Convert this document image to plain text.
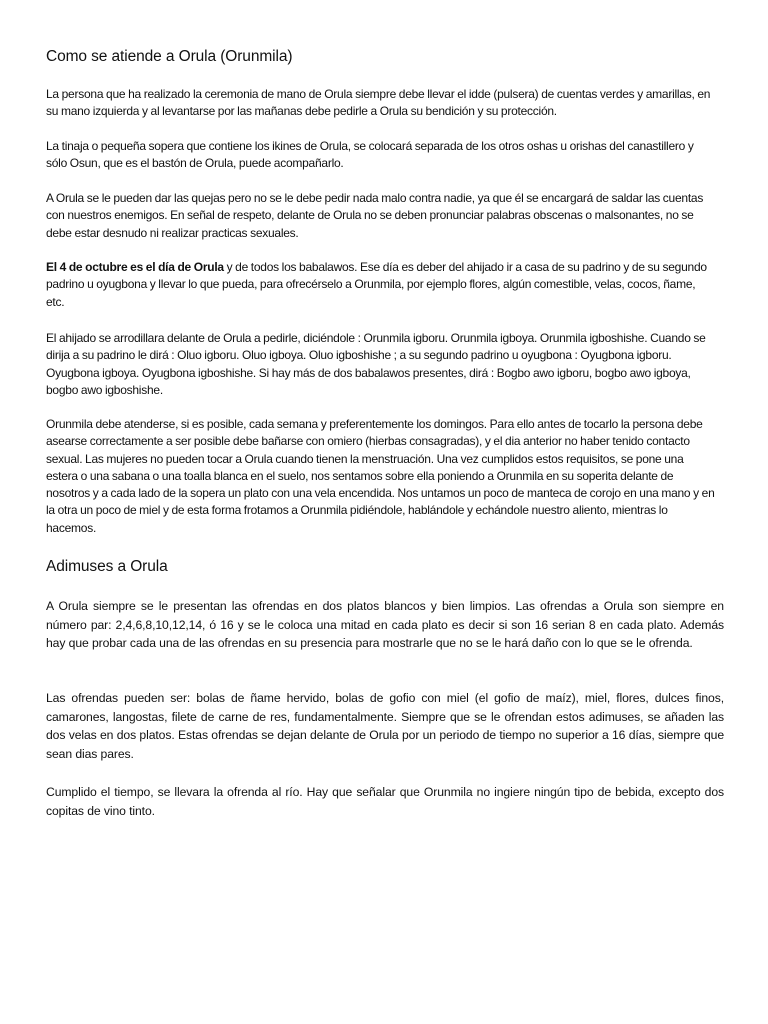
Como se atiende a Orula (Orunmila)

La persona que ha realizado la ceremonia de mano de Orula siempre debe llevar el idde (pulsera) de cuentas verdes y amarillas, en su mano izquierda y al levantarse por las mañanas debe pedirle a Orula su bendición y su protección.

La tinaja o pequeña sopera que contiene los ikines de Orula, se colocará separada de los otros oshas u orishas del canastillero y sólo Osun, que es el bastón de Orula, puede acompañarlo.

A Orula se le pueden dar las quejas pero no se le debe pedir nada malo contra nadie, ya que él se encargará de saldar las cuentas con nuestros enemigos. En señal de respeto, delante de Orula no se deben pronunciar palabras obscenas o malsonantes, no se debe estar desnudo ni realizar practicas sexuales.

El 4 de octubre es el día de Orula y de todos los babalawos. Ese día es deber del ahijado ir a casa de su padrino y de su segundo padrino u oyugbona y llevar lo que pueda, para ofrecérselo a Orunmila, por ejemplo flores, algún comestible, velas, cocos, ñame, etc.

El ahijado se arrodillara delante de Orula a pedirle, diciéndole : Orunmila igboru. Orunmila igboya. Orunmila igboshishe. Cuando se dirija a su padrino le dirá : Oluo igboru. Oluo igboya. Oluo igboshishe ; a su segundo padrino u oyugbona : Oyugbona igboru. Oyugbona igboya. Oyugbona igboshishe. Si hay más de dos babalawos presentes, dirá : Bogbo awo igboru, bogbo awo igboya, bogbo awo igboshishe.

Orunmila debe atenderse, si es posible, cada semana y preferentemente los domingos. Para ello antes de tocarlo la persona debe asearse correctamente a ser posible debe bañarse con omiero (hierbas consagradas), y el dia anterior no haber tenido contacto sexual. Las mujeres no pueden tocar a Orula cuando tienen la menstruación. Una vez cumplidos estos requisitos, se pone una estera o una sabana o una toalla blanca en el suelo, nos sentamos sobre ella poniendo a Orunmila en su soperita delante de nosotros y a cada lado de la sopera un plato con una vela encendida. Nos untamos un poco de manteca de corojo en una mano y en la otra un poco de miel y de esta forma frotamos a Orunmila pidiéndole, hablándole y echándole nuestro aliento, mientras lo hacemos.

Adimuses a Orula

A Orula siempre se le presentan las ofrendas en dos platos blancos y bien limpios. Las ofrendas a Orula son siempre en número par: 2,4,6,8,10,12,14, ó 16 y se le coloca una mitad en cada plato es decir si son 16 serian 8 en cada plato. Además hay que probar cada una de las ofrendas en su presencia para mostrarle que no se le hará daño con lo que se le ofrenda.

Las ofrendas pueden ser: bolas de ñame hervido, bolas de gofio con miel (el gofio de maíz), miel, flores, dulces finos, camarones, langostas, filete de carne de res, fundamentalmente. Siempre que se le ofrendan estos adimuses, se añaden las dos velas en dos platos. Estas ofrendas se dejan delante de Orula por un periodo de tiempo no superior a 16 días, siempre que sean dias pares.

Cumplido el tiempo, se llevara la ofrenda al río. Hay que señalar que Orunmila no ingiere ningún tipo de bebida, excepto dos copitas de vino tinto.
